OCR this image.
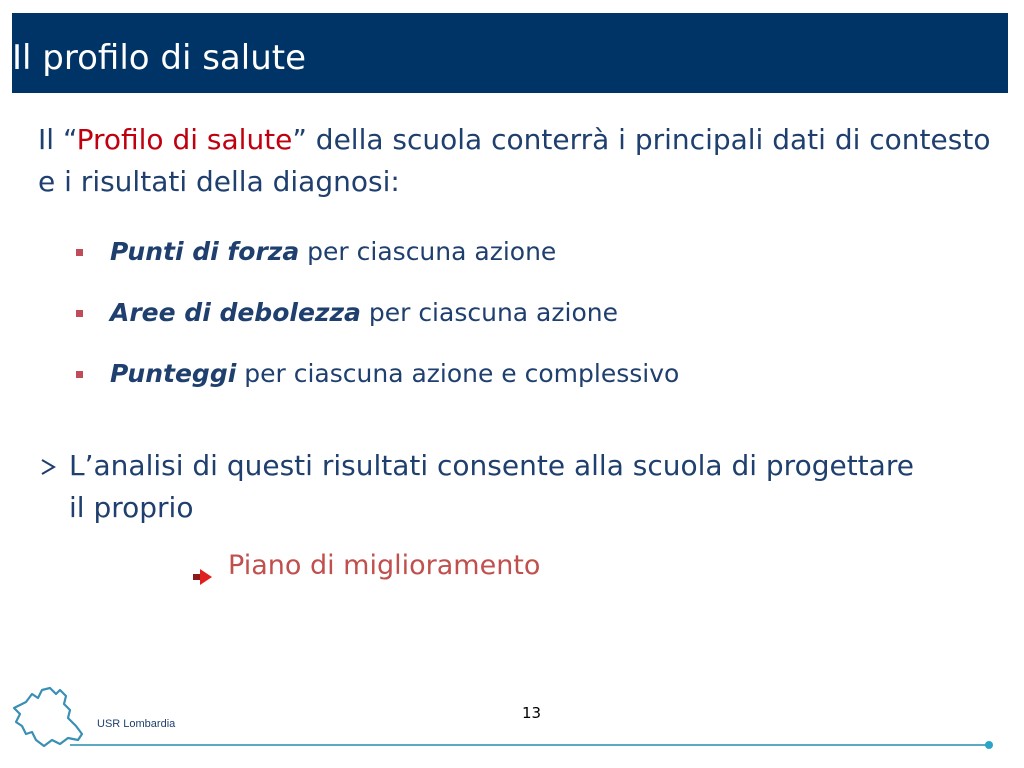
Il profilo di salute
Il “Profilo di salute” della scuola conterrà i principali dati di contesto e i risultati della diagnosi:
Punti di forza per ciascuna azione
Aree di debolezza per ciascuna azione
Punteggi per ciascuna azione e complessivo
L’analisi di questi risultati consente alla scuola di progettare il proprio
Piano di miglioramento
USR Lombardia
13
